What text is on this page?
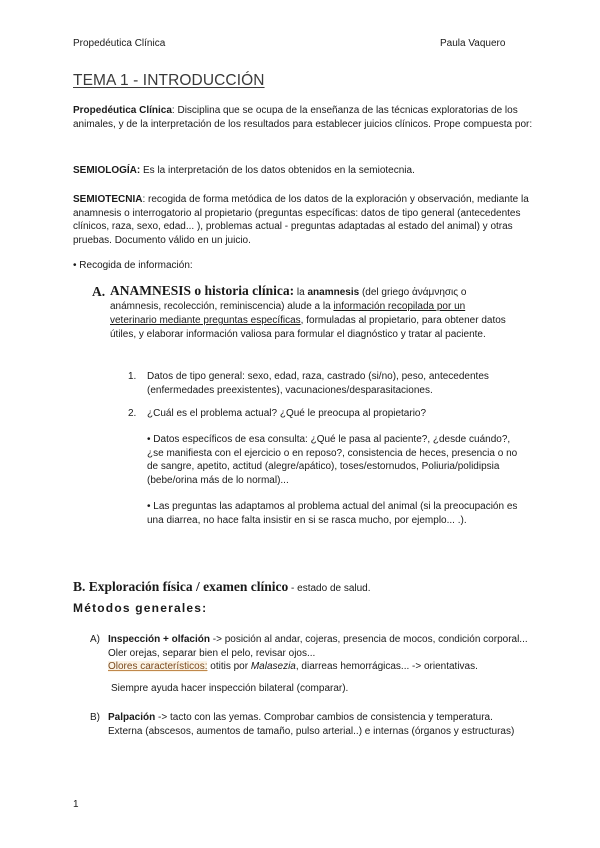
Propedéutica Clínica	Paula Vaquero
TEMA 1 - INTRODUCCIÓN

Propedéutica Clínica: Disciplina que se ocupa de la enseñanza de las técnicas exploratorias de los animales, y de la interpretación de los resultados para establecer juicios clínicos. Prope compuesta por:

SEMIOLOGÍA: Es la interpretación de los datos obtenidos en la semiotecnia.

SEMIOTECNIA: recogida de forma metódica de los datos de la exploración y observación, mediante la anamnesis o interrogatorio al propietario (preguntas específicas: datos de tipo general (antecedentes clínicos, raza, sexo, edad... ), problemas actual - preguntas adaptadas al estado del animal) y otras pruebas. Documento válido en un juicio.

• Recogida de información:

A. ANAMNESIS o historia clínica: la anamnesis (del griego ἀνάμνησις o anámnesis, recolección, reminiscencia) alude a la información recopilada por un veterinario mediante preguntas específicas, formuladas al propietario, para obtener datos útiles, y elaborar información valiosa para formular el diagnóstico y tratar al paciente.

1. Datos de tipo general: sexo, edad, raza, castrado (si/no), peso, antecedentes (enfermedades preexistentes), vacunaciones/desparasitaciones.

2. ¿Cuál es el problema actual? ¿Qué le preocupa al propietario?

• Datos específicos de esa consulta: ¿Qué le pasa al paciente?, ¿desde cuándo?, ¿se manifiesta con el ejercicio o en reposo?, consistencia de heces, presencia o no de sangre, apetito, actitud (alegre/apático), toses/estornudos, Poliuria/polidipsia (bebe/orina más de lo normal)...

• Las preguntas las adaptamos al problema actual del animal (si la preocupación es una diarrea, no hace falta insistir en si se rasca mucho, por ejemplo... .).

B. Exploración física / examen clínico - estado de salud.
Métodos generales:
A) Inspección + olfación -> posición al andar, cojeras, presencia de mocos, condición corporal... Oler orejas, separar bien el pelo, revisar ojos...
Olores característicos: otitis por Malasezia, diarreas hemorrágicas... -> orientativas.

Siempre ayuda hacer inspección bilateral (comparar).

B) Palpación -> tacto con las yemas. Comprobar cambios de consistencia y temperatura. Externa (abscesos, aumentos de tamaño, pulso arterial..) e internas (órganos y estructuras)

1
